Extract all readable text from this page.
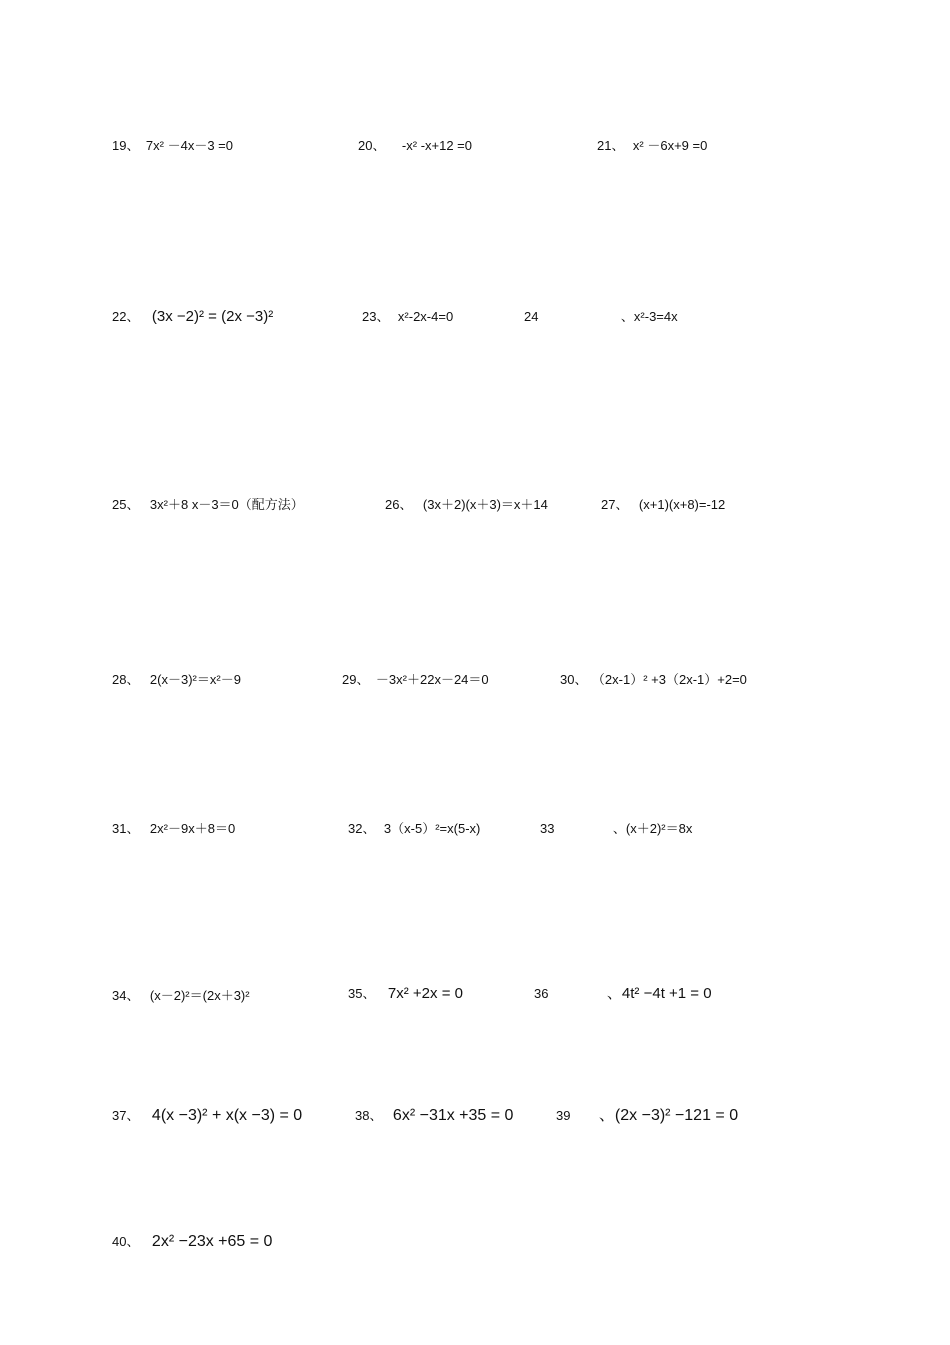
19、 7x² －4x－3 =0	20、 -x² -x+12 =0	21、 x² －6x+9 =0
22、 (3x −2)² = (2x −3)²	23、 x²-2x-4=0	24	、x²-3=4x
25、 3x²＋8 x－3＝0（配方法）	26、 (3x＋2)(x＋3)＝x＋14	27、 (x+1)(x+8)=-12
28、 2(x－3)²＝x²－9	29、 －3x²＋22x－24＝0	30、 （2x-1）² +3（2x-1）+2=0
31、 2x²－9x＋8＝0	32、 3（x-5）²=x(5-x)	33	、(x＋2)²＝8x
34、 (x－2)²＝(2x＋3)²	35、 7x² +2x = 0	36	、4t² −4t +1 = 0
37、 4(x −3)² + x(x −3) = 0	38、 6x² −31x +35 = 0	39 、(2x −3)² −121 = 0
40、 2x² −23x +65 = 0
